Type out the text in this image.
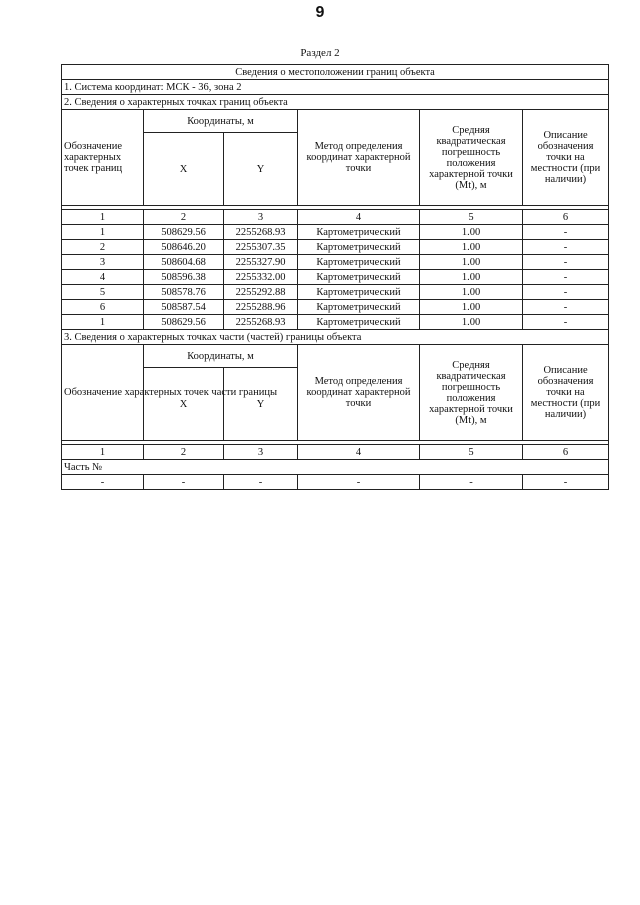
9
Раздел 2
Сведения о местоположении границ объекта					
1. Система координат: МСК - 36, зона 2					
2. Сведения о характерных точках границ объекта					
Обозначение характерных точек границ	Координаты, м		Метод определения координат характерной точки	Средняя квадратическая погрешность положения характерной точки (Mt), м	Описание обозначения точки на местности (при наличии)
	X	Y			

1	2	3	4	5	6
1	508629.56	2255268.93	Картометрический	1.00	-
2	508646.20	2255307.35	Картометрический	1.00	-
3	508604.68	2255327.90	Картометрический	1.00	-
4	508596.38	2255332.00	Картометрический	1.00	-
5	508578.76	2255292.88	Картометрический	1.00	-
6	508587.54	2255288.96	Картометрический	1.00	-
1	508629.56	2255268.93	Картометрический	1.00	-
3. Сведения о характерных точках части (частей) границы объекта					
Обозначение характерных точек части границы	Координаты, м		Метод определения координат характерной точки	Средняя квадратическая погрешность положения характерной точки (Mt), м	Описание обозначения точки на местности (при наличии)
	X	Y			

1	2	3	4	5	6
Часть №					
-	-	-	-	-	-
